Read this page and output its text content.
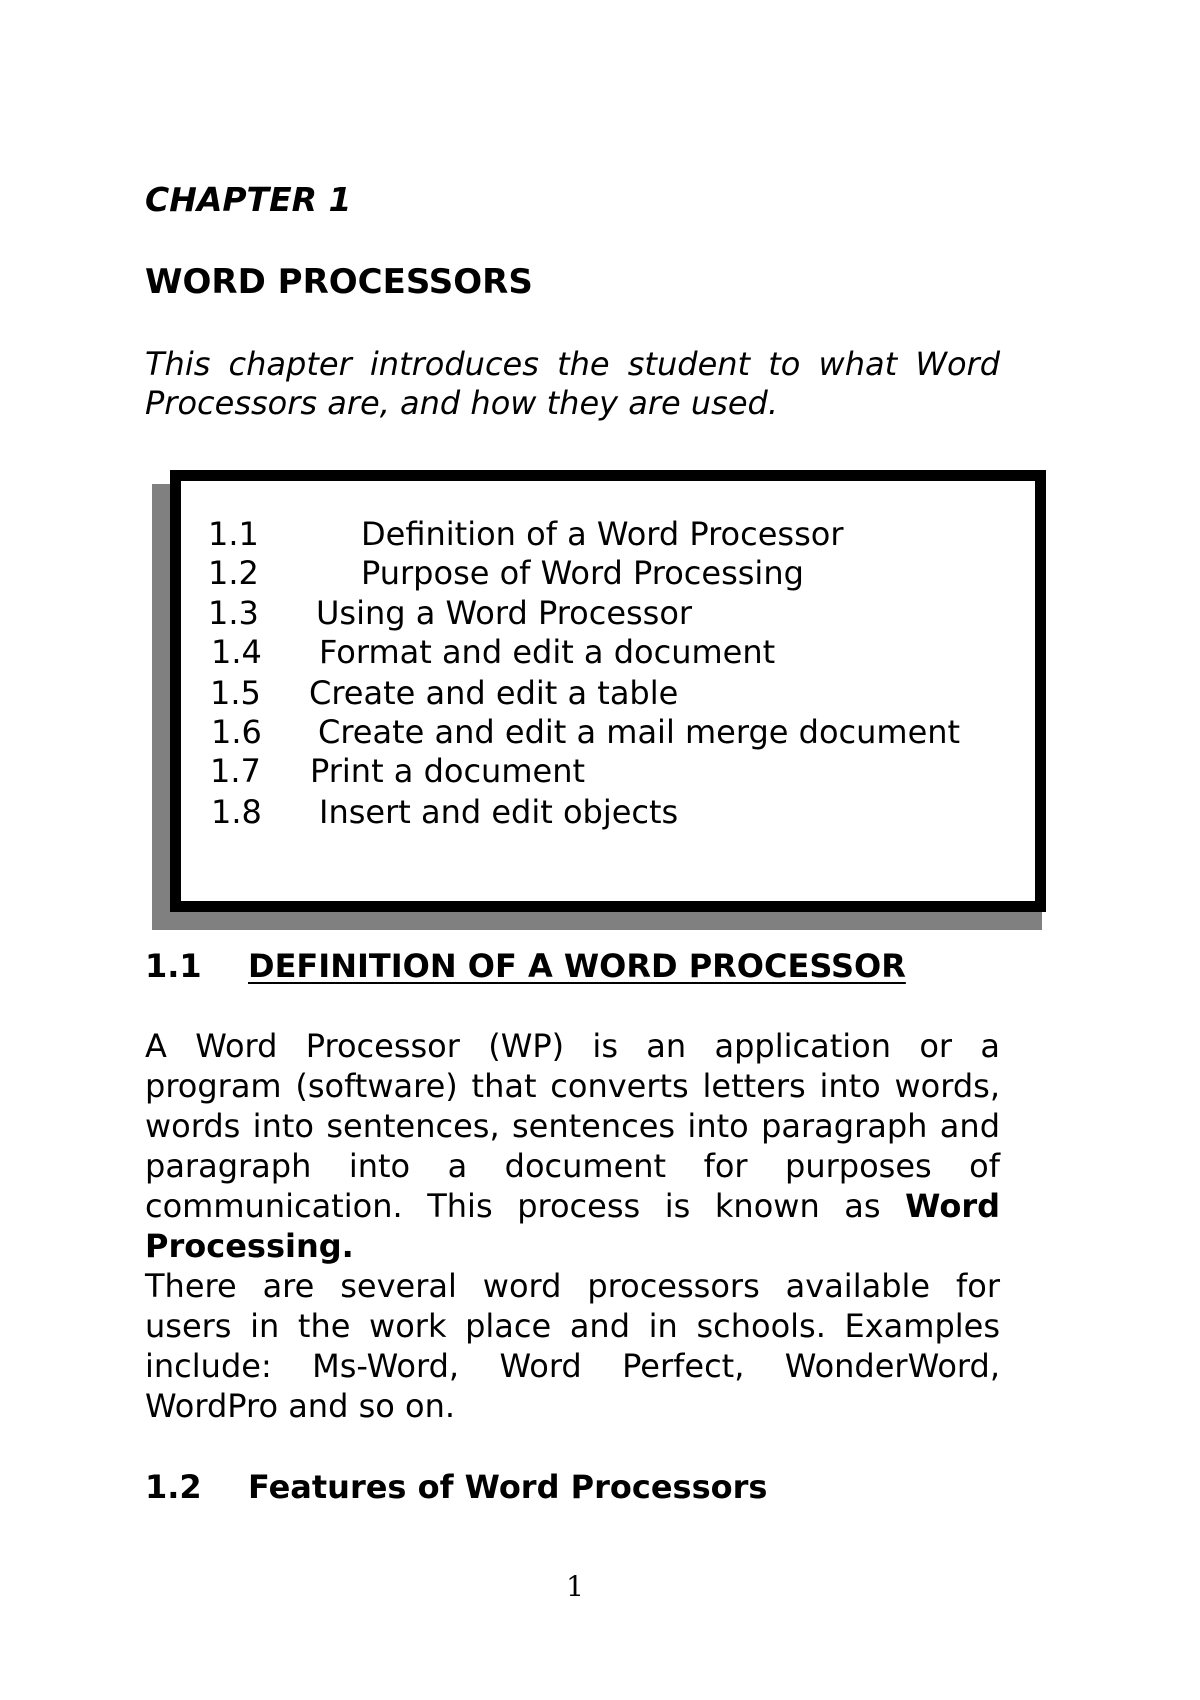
CHAPTER 1
WORD PROCESSORS
This chapter introduces the student to what Word Processors are, and how they are used.
1.1	Definition of a Word Processor
1.2	Purpose of Word Processing
1.3 Using a Word Processor
1.4 Format and edit a document
1.5 Create and edit a table
1.6 Create and edit a mail merge document
1.7 Print a document
1.8 Insert and edit objects
1.1 DEFINITION OF A WORD PROCESSOR
A Word Processor (WP) is an application or a program (software) that converts letters into words, words into sentences, sentences into paragraph and paragraph into a document for purposes of communication. This process is known as Word Processing.
There are several word processors available for users in the work place and in schools. Examples include: Ms-Word, Word Perfect, WonderWord, WordPro and so on.
1.2 Features of Word Processors
1
